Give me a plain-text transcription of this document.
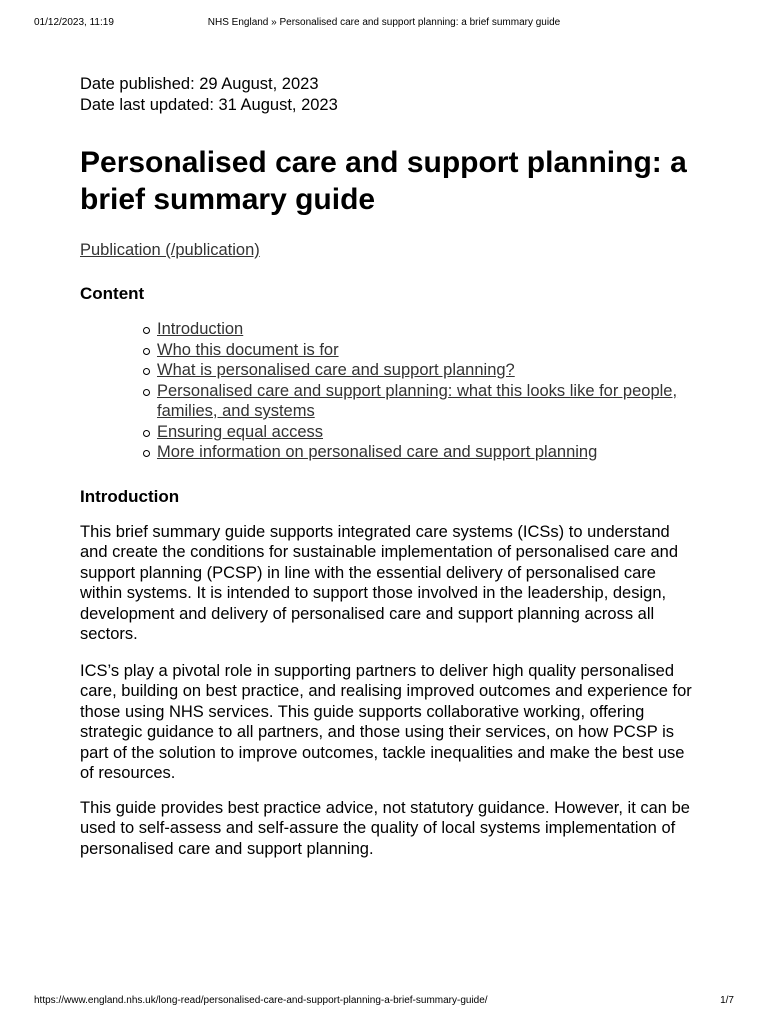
01/12/2023, 11:19	NHS England » Personalised care and support planning: a brief summary guide

Date published: 29 August, 2023

Date last updated: 31 August, 2023

Personalised care and support planning: a brief summary guide
Publication (/publication)
Content
Introduction
Who this document is for
What is personalised care and support planning?
Personalised care and support planning: what this looks like for people, families, and systems
Ensuring equal access
More information on personalised care and support planning
Introduction

This brief summary guide supports integrated care systems (ICSs) to understand and create the conditions for sustainable implementation of personalised care and support planning (PCSP) in line with the essential delivery of personalised care within systems. It is intended to support those involved in the leadership, design, development and delivery of personalised care and support planning across all sectors.

ICS’s play a pivotal role in supporting partners to deliver high quality personalised care, building on best practice, and realising improved outcomes and experience for those using NHS services. This guide supports collaborative working, offering strategic guidance to all partners, and those using their services, on how PCSP is part of the solution to improve outcomes, tackle inequalities and make the best use of resources.

This guide provides best practice advice, not statutory guidance. However, it can be used to self-assess and self-assure the quality of local systems implementation of personalised care and support planning.

https://www.england.nhs.uk/long-read/personalised-care-and-support-planning-a-brief-summary-guide/	1/7
